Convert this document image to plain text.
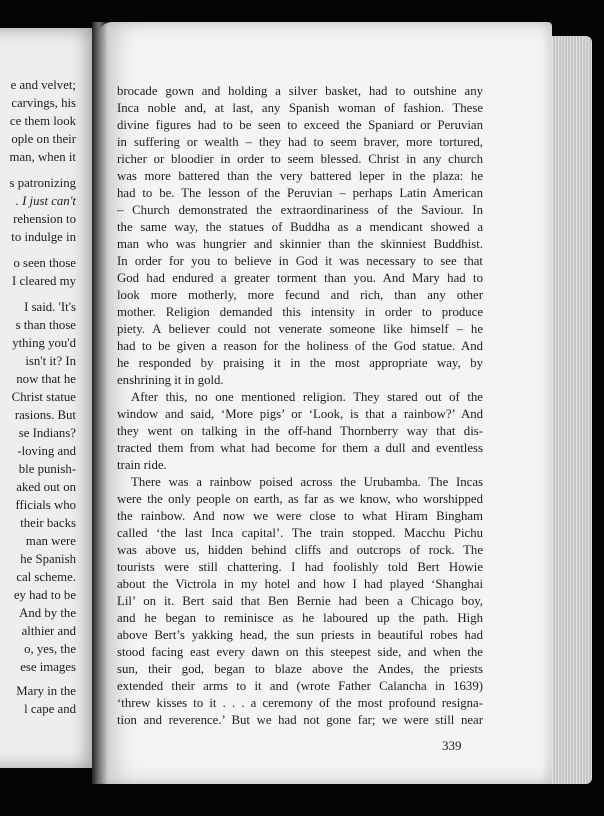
e and velvet;
carvings, his
ce them look
ople on their
man, when it
s patronizing
. I just can't
rehension to
to indulge in
o seen those
I cleared my
I said. 'It's
s than those
ything you'd
isn't it? In
now that he
Christ statue
rasions. But
se Indians?
-loving and
ble punish-
aked out on
fficials who
their backs
man were
he Spanish
cal scheme.
ey had to be
And by the
althier and
o, yes, the
ese images
Mary in the
l cape and
brocade gown and holding a silver basket, had to outshine any
Inca noble and, at last, any Spanish woman of fashion. These
divine figures had to be seen to exceed the Spaniard or Peruvian
in suffering or wealth – they had to seem braver, more tortured,
richer or bloodier in order to seem blessed. Christ in any church
was more battered than the very battered leper in the plaza: he
had to be. The lesson of the Peruvian – perhaps Latin American
– Church demonstrated the extraordinariness of the Saviour. In
the same way, the statues of Buddha as a mendicant showed a
man who was hungrier and skinnier than the skinniest Buddhist.
In order for you to believe in God it was necessary to see that
God had endured a greater torment than you. And Mary had to
look more motherly, more fecund and rich, than any other
mother. Religion demanded this intensity in order to produce
piety. A believer could not venerate someone like himself – he
had to be given a reason for the holiness of the God statue. And
he responded by praising it in the most appropriate way, by
enshrining it in gold.
After this, no one mentioned religion. They stared out of the
window and said, ‘More pigs’ or ‘Look, is that a rainbow?’ And
they went on talking in the off-hand Thornberry way that dis-
tracted them from what had become for them a dull and eventless
train ride.
There was a rainbow poised across the Urubamba. The Incas
were the only people on earth, as far as we know, who worshipped
the rainbow. And now we were close to what Hiram Bingham
called ‘the last Inca capital’. The train stopped. Macchu Pichu
was above us, hidden behind cliffs and outcrops of rock. The
tourists were still chattering. I had foolishly told Bert Howie
about the Victrola in my hotel and how I had played ‘Shanghai
Lil’ on it. Bert said that Ben Bernie had been a Chicago boy,
and he began to reminisce as he laboured up the path. High
above Bert’s yakking head, the sun priests in beautiful robes had
stood facing east every dawn on this steepest side, and when the
sun, their god, began to blaze above the Andes, the priests
extended their arms to it and (wrote Father Calancha in 1639)
‘threw kisses to it . . . a ceremony of the most profound resigna-
tion and reverence.’ But we had not gone far; we were still near
339
